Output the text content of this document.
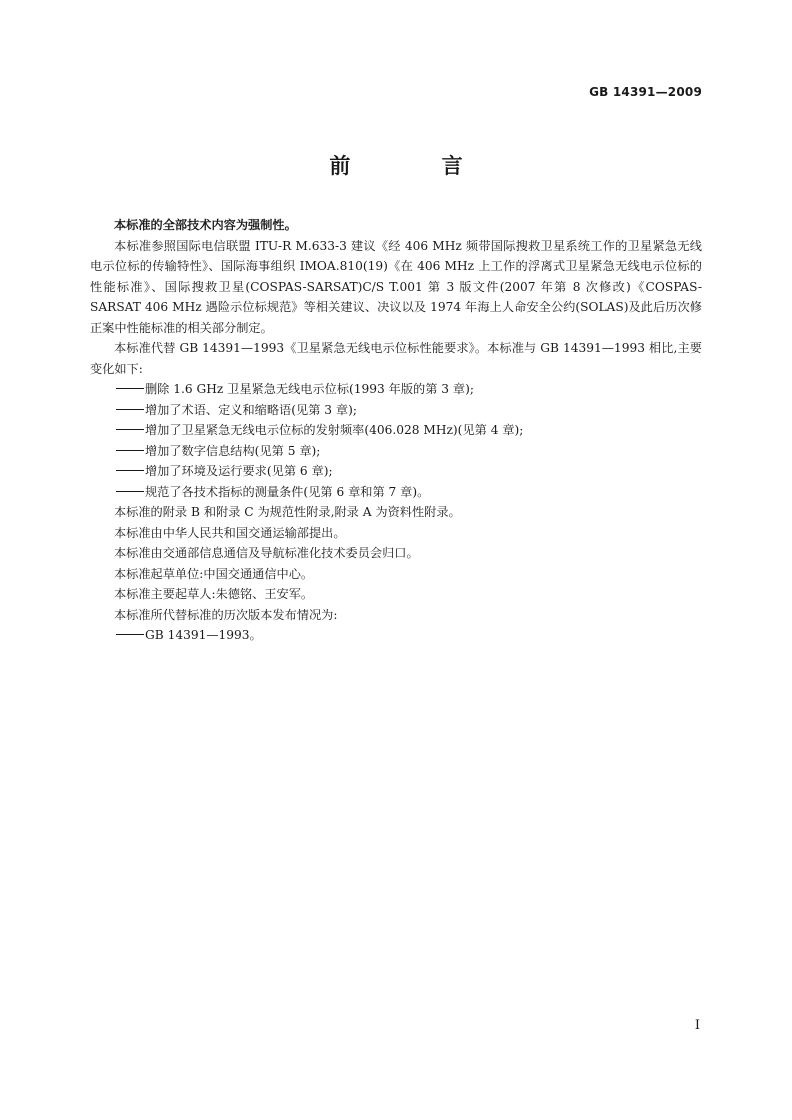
GB 14391—2009
前 言

本标准的全部技术内容为强制性。

本标准参照国际电信联盟 ITU-R M.633-3 建议《经 406 MHz 频带国际搜救卫星系统工作的卫星紧急无线电示位标的传输特性》、国际海事组织 IMOA.810(19)《在 406 MHz 上工作的浮离式卫星紧急无线电示位标的性能标准》、国际搜救卫星(COSPAS-SARSAT)C/S T.001 第 3 版文件(2007 年第 8 次修改)《COSPAS-SARSAT 406 MHz 遇险示位标规范》等相关建议、决议以及 1974 年海上人命安全公约(SOLAS)及此后历次修正案中性能标准的相关部分制定。

本标准代替 GB 14391—1993《卫星紧急无线电示位标性能要求》。本标准与 GB 14391—1993 相比,主要变化如下:

删除 1.6 GHz 卫星紧急无线电示位标(1993 年版的第 3 章);

增加了术语、定义和缩略语(见第 3 章);

增加了卫星紧急无线电示位标的发射频率(406.028 MHz)(见第 4 章);

增加了数字信息结构(见第 5 章);

增加了环境及运行要求(见第 6 章);

规范了各技术指标的测量条件(见第 6 章和第 7 章)。

本标准的附录 B 和附录 C 为规范性附录,附录 A 为资料性附录。

本标准由中华人民共和国交通运输部提出。

本标准由交通部信息通信及导航标准化技术委员会归口。

本标准起草单位:中国交通通信中心。

本标准主要起草人:朱德铭、王安军。

本标准所代替标准的历次版本发布情况为:

GB 14391—1993。

I
